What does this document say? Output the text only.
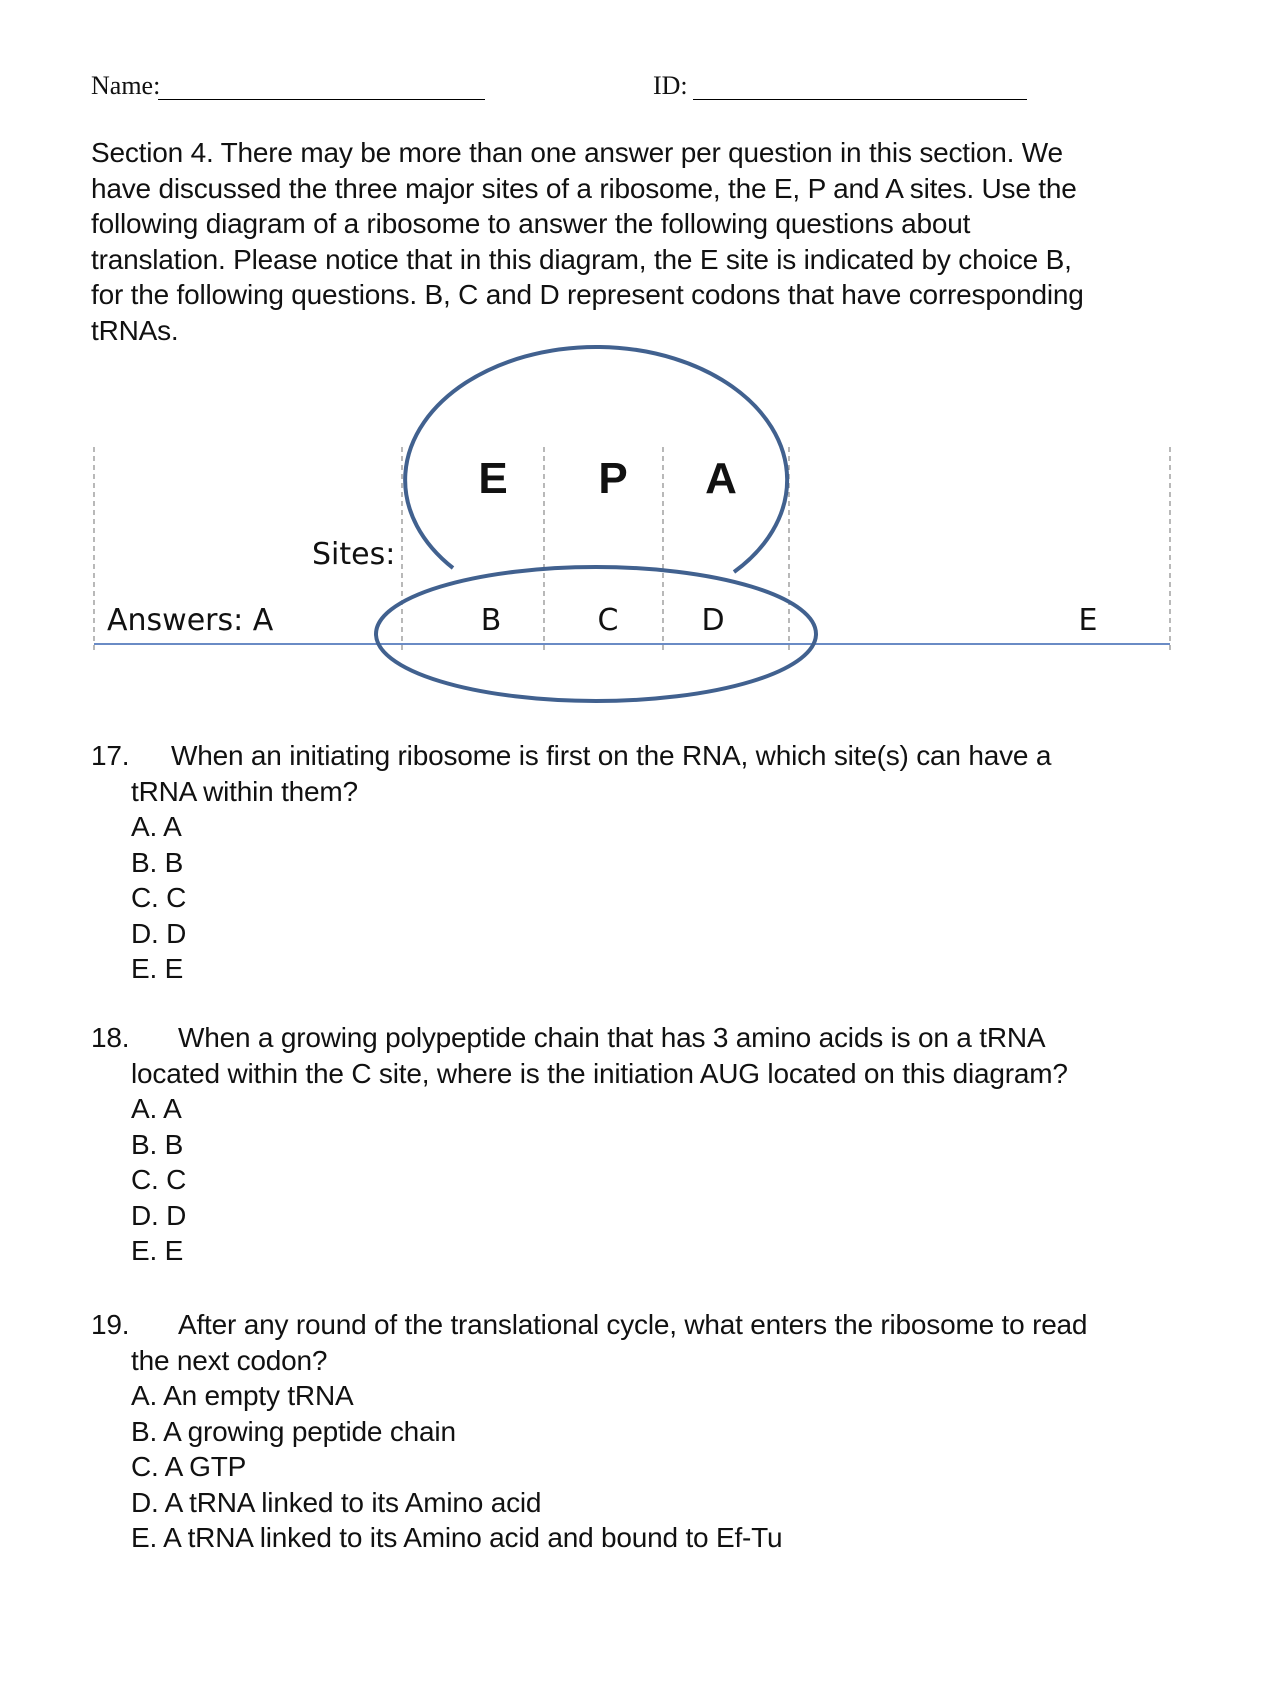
Name:	ID:
Section 4. There may be more than one answer per question in this section. We
have discussed the three major sites of a ribosome, the E, P and A sites. Use the
following diagram of a ribosome to answer the following questions about
translation. Please notice that in this diagram, the E site is indicated by choice B,
for the following questions. B, C and D represent codons that have corresponding
tRNAs.
E P A
Sites:
Answers: A	B	C	D	E
17. When an initiating ribosome is first on the RNA, which site(s) can have a
tRNA within them?
A. A
B. B
C. C
D. D
E. E
18. When a growing polypeptide chain that has 3 amino acids is on a tRNA
located within the C site, where is the initiation AUG located on this diagram?
A. A
B. B
C. C
D. D
E. E
19. After any round of the translational cycle, what enters the ribosome to read
the next codon?
A. An empty tRNA
B. A growing peptide chain
C. A GTP
D. A tRNA linked to its Amino acid
E. A tRNA linked to its Amino acid and bound to Ef-Tu
